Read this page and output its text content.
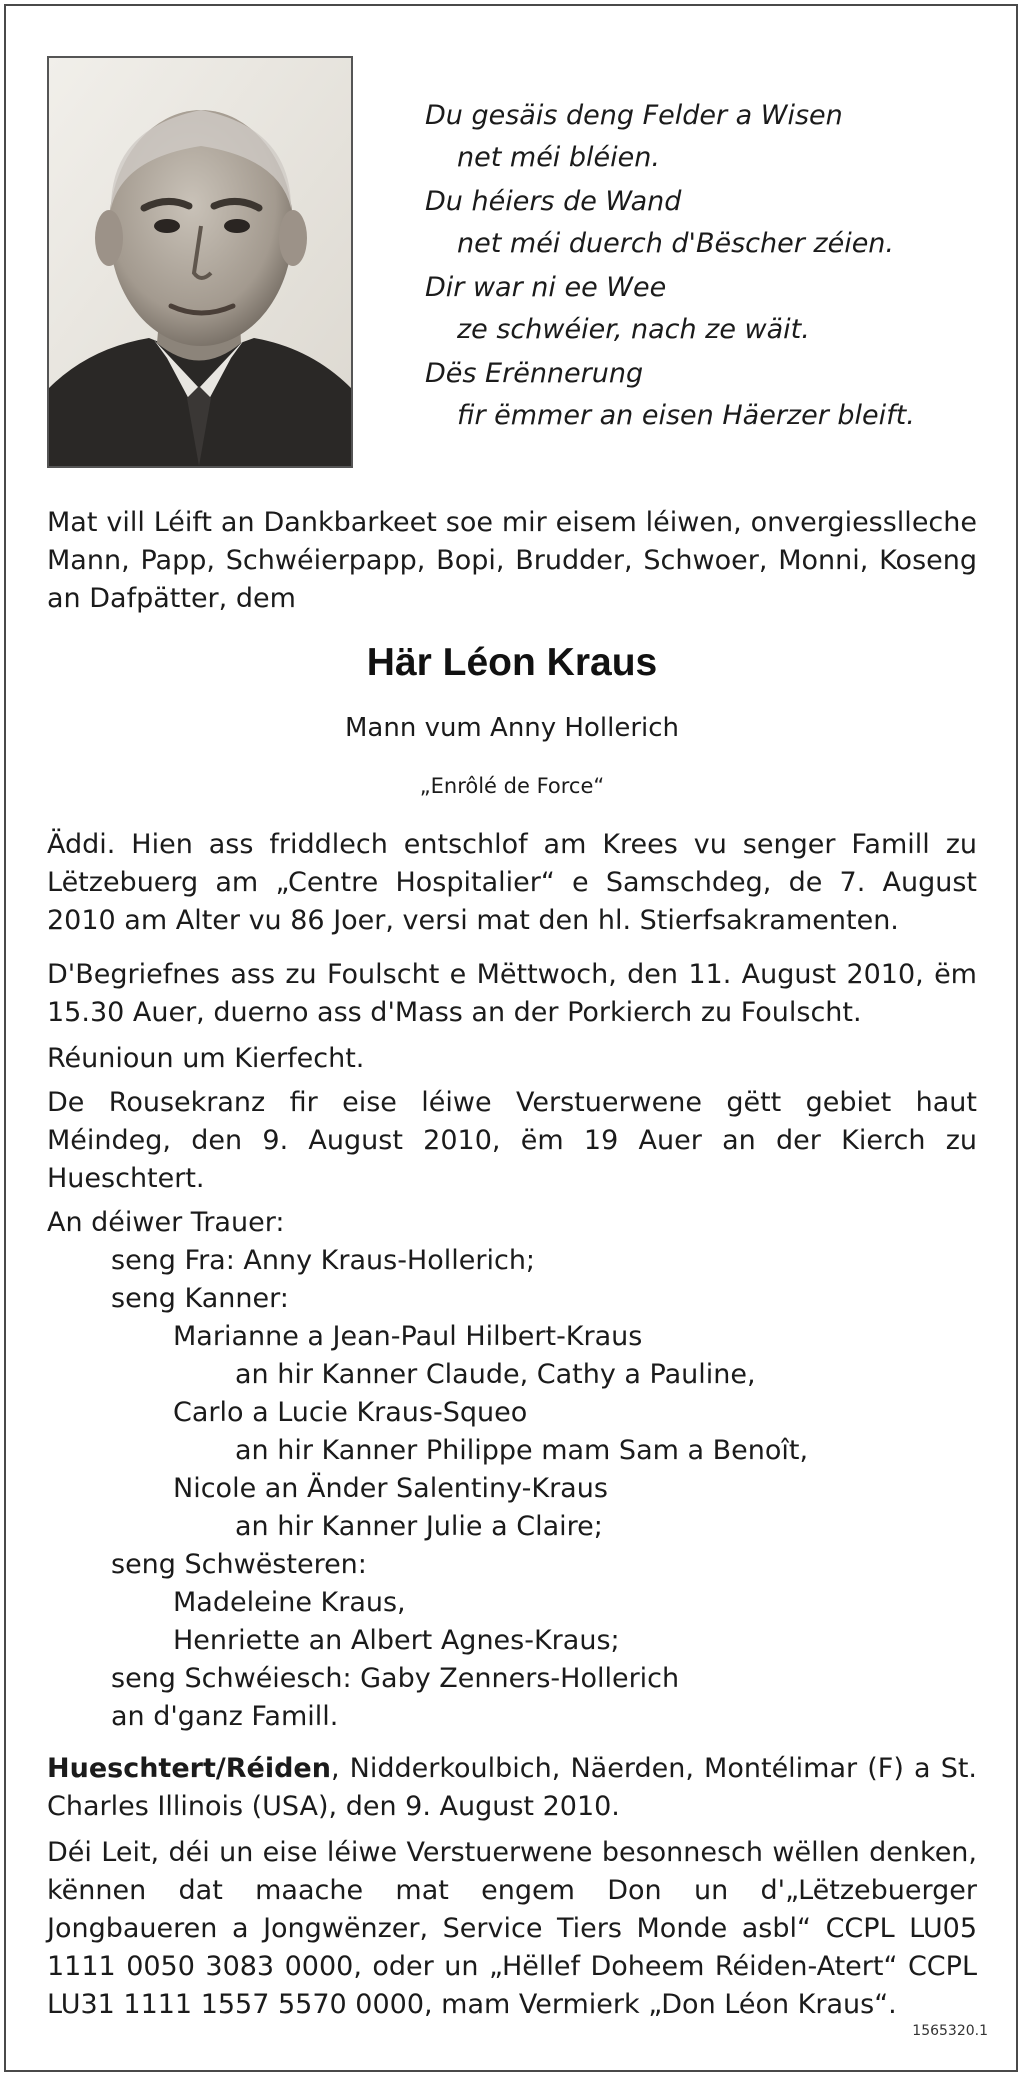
Du gesäis deng Felder a Wisen
net méi bléien.
Du héiers de Wand
net méi duerch d'Bëscher zéien.
Dir war ni ee Wee
ze schwéier, nach ze wäit.
Dës Erënnerung
fir ëmmer an eisen Häerzer bleift.
Mat vill Léift an Dankbarkeet soe mir eisem léiwen, onvergiesslleche Mann, Papp, Schwéierpapp, Bopi, Brudder, Schwoer, Monni, Koseng an Dafpätter, dem
Här Léon Kraus
Mann vum Anny Hollerich
„Enrôlé de Force“
Äddi. Hien ass friddlech entschlof am Krees vu senger Famill zu Lëtzebuerg am „Centre Hospitalier“ e Samschdeg, de 7. August 2010 am Alter vu 86 Joer, versi mat den hl. Stierfsakramenten.
D'Begriefnes ass zu Foulscht e Mëttwoch, den 11. August 2010, ëm 15.30 Auer, duerno ass d'Mass an der Porkierch zu Foulscht.
Réunioun um Kierfecht.
De Rousekranz fir eise léiwe Verstuerwene gëtt gebiet haut Méindeg, den 9. August 2010, ëm 19 Auer an der Kierch zu Hueschtert.
An déiwer Trauer:
seng Fra: Anny Kraus-Hollerich;
seng Kanner:
Marianne a Jean-Paul Hilbert-Kraus
an hir Kanner Claude, Cathy a Pauline,
Carlo a Lucie Kraus-Squeo
an hir Kanner Philippe mam Sam a Benoît,
Nicole an Änder Salentiny-Kraus
an hir Kanner Julie a Claire;
seng Schwësteren:
Madeleine Kraus,
Henriette an Albert Agnes-Kraus;
seng Schwéiesch: Gaby Zenners-Hollerich
an d'ganz Famill.
Hueschtert/Réiden, Nidderkoulbich, Näerden, Montélimar (F) a St. Charles Illinois (USA), den 9. August 2010.
Déi Leit, déi un eise léiwe Verstuerwene besonnesch wëllen denken, kënnen dat maache mat engem Don un d'„Lëtzebuerger Jongbaueren a Jongwënzer, Service Tiers Monde asbl“ CCPL LU05 1111 0050 3083 0000, oder un „Hëllef Doheem Réiden-Atert“ CCPL LU31 1111 1557 5570 0000, mam Vermierk „Don Léon Kraus“.
1565320.1
